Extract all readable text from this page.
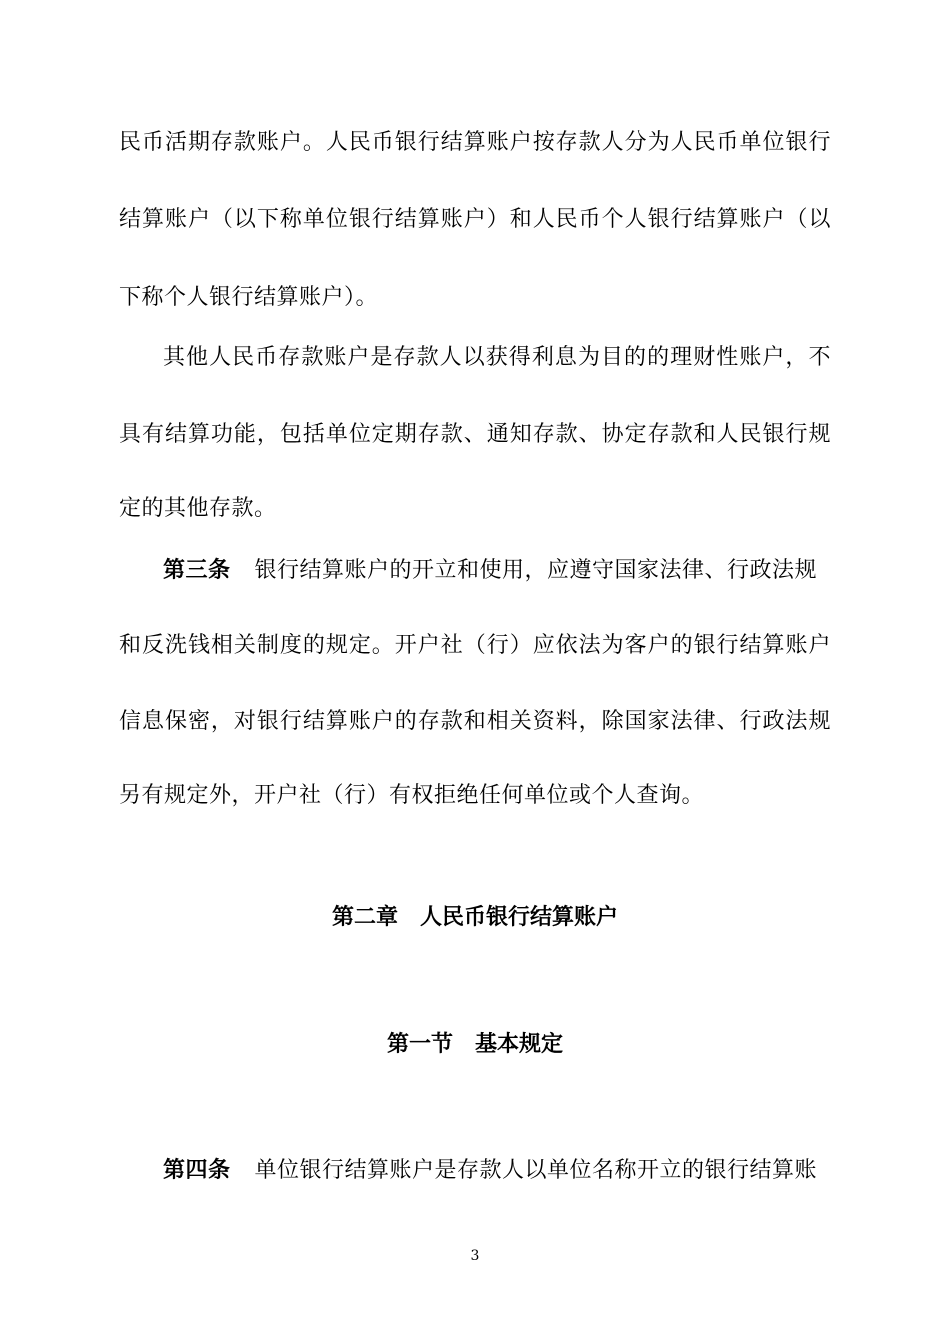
民币活期存款账户。人民币银行结算账户按存款人分为人民币单位银行
结算账户（以下称单位银行结算账户）和人民币个人银行结算账户（以
下称个人银行结算账户）。
其他人民币存款账户是存款人以获得利息为目的的理财性账户，不
具有结算功能，包括单位定期存款、通知存款、协定存款和人民银行规
定的其他存款。
第三条 银行结算账户的开立和使用，应遵守国家法律、行政法规
和反洗钱相关制度的规定。开户社（行）应依法为客户的银行结算账户
信息保密，对银行结算账户的存款和相关资料，除国家法律、行政法规
另有规定外，开户社（行）有权拒绝任何单位或个人查询。
第二章　人民币银行结算账户
第一节　基本规定
第四条 单位银行结算账户是存款人以单位名称开立的银行结算账
3
